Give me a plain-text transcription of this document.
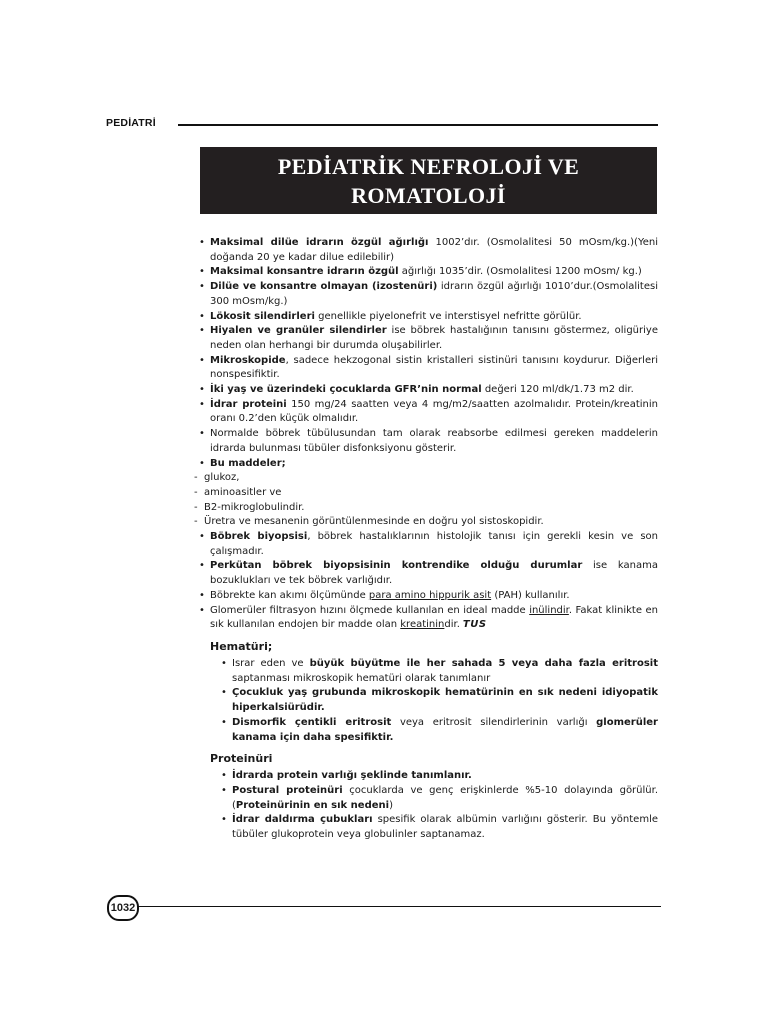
PEDİATRİ
PEDİATRİK NEFROLOJİ VE
ROMATOLOJİ

• Maksimal dilüe idrarın özgül ağırlığı 1002’dır. (Osmolalitesi 50 mOsm/kg.)(Yeni doğanda 20 ye kadar dilue edilebilir)

• Maksimal konsantre idrarın özgül ağırlığı 1035’dir. (Osmolalitesi 1200 mOsm/ kg.)

• Dilüe ve konsantre olmayan (izostenüri) idrarın özgül ağırlığı 1010’dur.(Osmolalitesi 300 mOsm/kg.)

• Lökosit silendirleri genellikle piyelonefrit ve interstisyel nefritte görülür.

• Hiyalen ve granüler silendirler ise böbrek hastalığının tanısını göstermez, oligüriye neden olan herhangi bir durumda oluşabilirler.

• Mikroskopide, sadece hekzogonal sistin kristalleri sistinüri tanısını koydurur. Diğerleri nonspesifiktir.

• İki yaş ve üzerindeki çocuklarda GFR’nin normal değeri 120 ml/dk/1.73 m2 dir.

• İdrar proteini 150 mg/24 saatten veya 4 mg/m2/saatten azolmalıdır. Protein/kreatinin oranı 0.2’den küçük olmalıdır.

• Normalde böbrek tübülusundan tam olarak reabsorbe edilmesi gereken maddelerin idrarda bulunması tübüler disfonksiyonu gösterir.

• Bu maddeler;

- glukoz,

- aminoasitler ve

- B2-mikroglobulindir.

- Üretra ve mesanenin görüntülenmesinde en doğru yol sistoskopidir.

• Böbrek biyopsisi, böbrek hastalıklarının histolojik tanısı için gerekli kesin ve son çalışmadır.

• Perkütan böbrek biyopsisinin kontrendike olduğu durumlar ise kanama bozuklukları ve tek böbrek varlığıdır.

• Böbrekte kan akımı ölçümünde para amino hippurik asit (PAH) kullanılır.

• Glomerüler filtrasyon hızını ölçmede kullanılan en ideal madde inülindir. Fakat klinikte en sık kullanılan endojen bir madde olan kreatinindir. TUS

Hematüri;

• Israr eden ve büyük büyütme ile her sahada 5 veya daha fazla eritrosit saptanması mikroskopik hematüri olarak tanımlanır

• Çocukluk yaş grubunda mikroskopik hematürinin en sık nedeni idiyopatik hiperkalsiürüdir.

• Dismorfik çentikli eritrosit veya eritrosit silendirlerinin varlığı glomerüler kanama için daha spesifiktir.

Proteinüri

• İdrarda protein varlığı şeklinde tanımlanır.

• Postural proteinüri çocuklarda ve genç erişkinlerde %5-10 dolayında görülür. (Proteinürinin en sık nedeni)

• İdrar daldırma çubukları spesifik olarak albümin varlığını gösterir. Bu yöntemle tübüler glukoprotein veya globulinler saptanamaz.

1032
